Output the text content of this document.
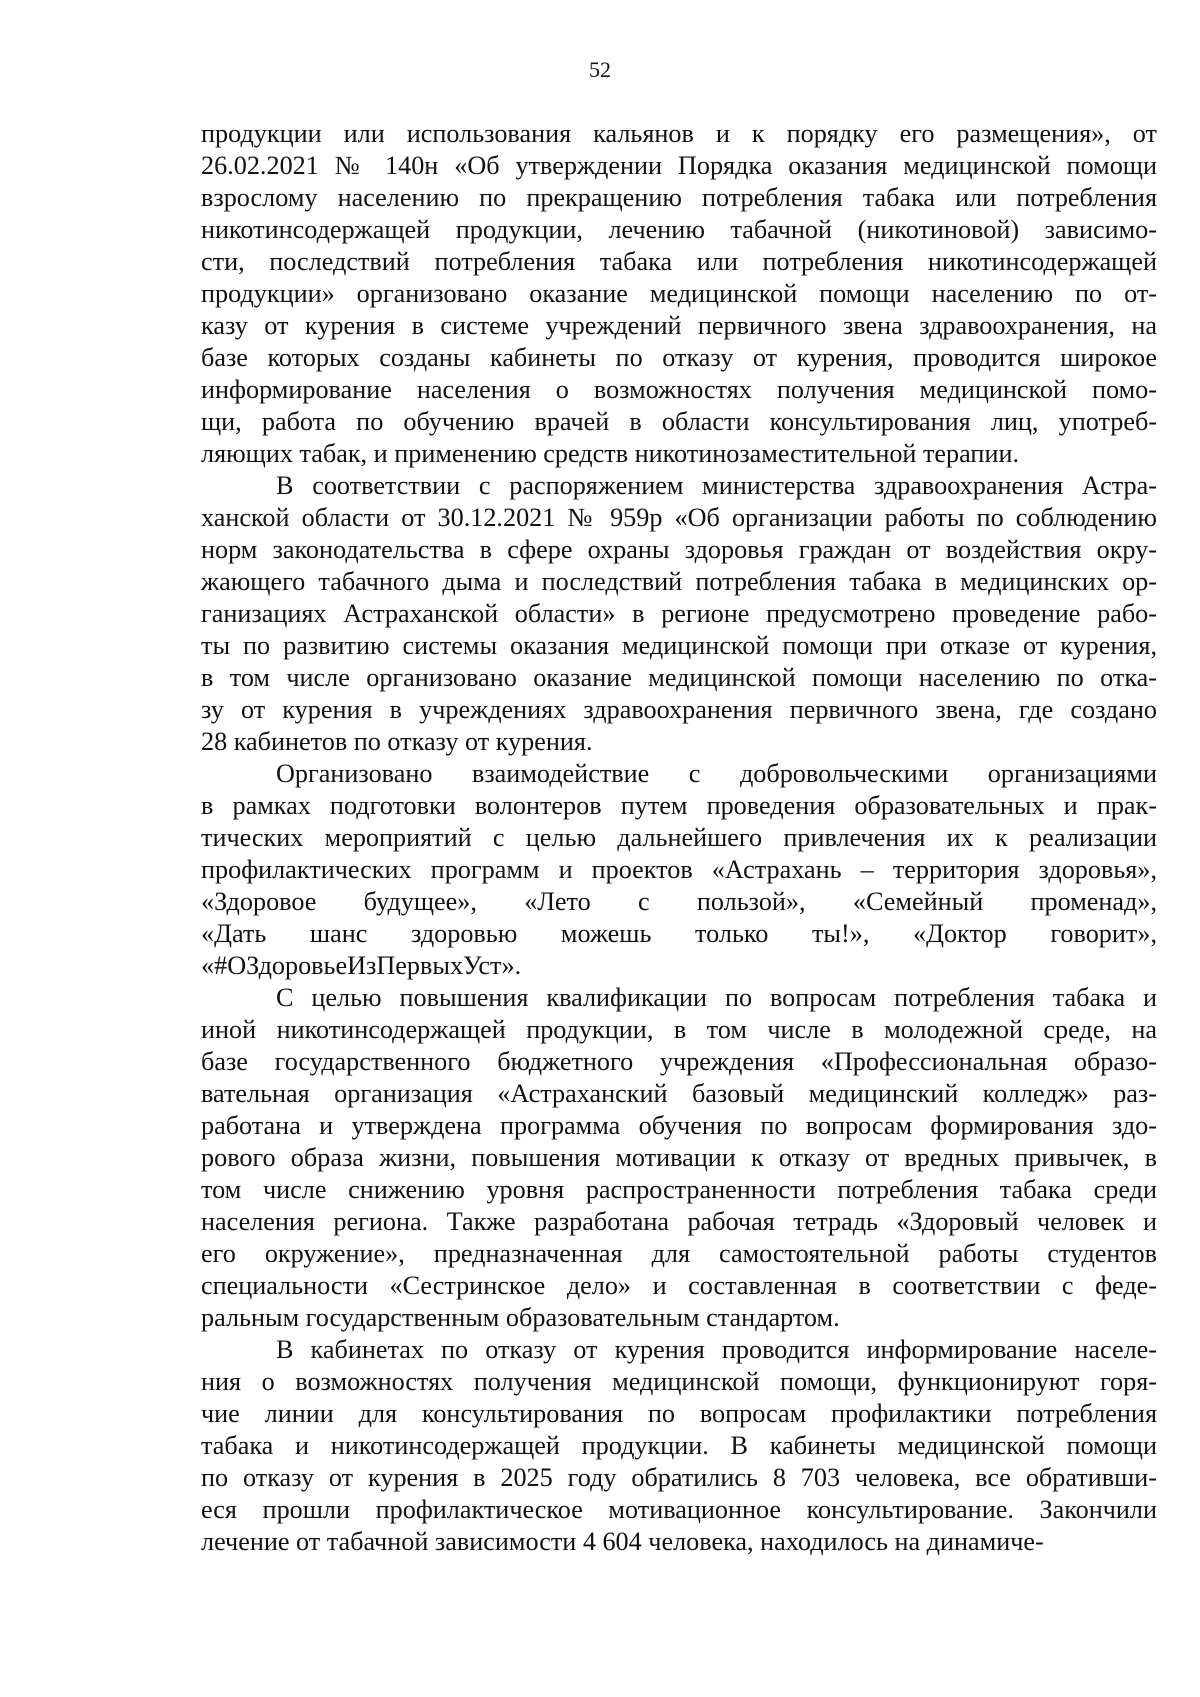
52
продукции или использования кальянов и к порядку его размещения», от
26.02.2021 № 140н «Об утверждении Порядка оказания медицинской помощи
взрослому населению по прекращению потребления табака или потребления
никотинсодержащей продукции, лечению табачной (никотиновой) зависимо-
сти, последствий потребления табака или потребления никотинсодержащей
продукции» организовано оказание медицинской помощи населению по от-
казу от курения в системе учреждений первичного звена здравоохранения, на
базе которых созданы кабинеты по отказу от курения, проводится широкое
информирование населения о возможностях получения медицинской помо-
щи, работа по обучению врачей в области консультирования лиц, употреб-
ляющих табак, и применению средств никотинозаместительной терапии.
В соответствии с распоряжением министерства здравоохранения Астра-
ханской области от 30.12.2021 № 959р «Об организации работы по соблюдению
норм законодательства в сфере охраны здоровья граждан от воздействия окру-
жающего табачного дыма и последствий потребления табака в медицинских ор-
ганизациях Астраханской области» в регионе предусмотрено проведение рабо-
ты по развитию системы оказания медицинской помощи при отказе от курения,
в том числе организовано оказание медицинской помощи населению по отка-
зу от курения в учреждениях здравоохранения первичного звена, где создано
28 кабинетов по отказу от курения.
Организовано взаимодействие с добровольческими организациями
в рамках подготовки волонтеров путем проведения образовательных и прак-
тических мероприятий с целью дальнейшего привлечения их к реализации
профилактических программ и проектов «Астрахань – территория здоровья»,
«Здоровое будущее», «Лето с пользой», «Семейный променад»,
«Дать шанс здоровью можешь только ты!», «Доктор говорит»,
«#ОЗдоровьеИзПервыхУст».
С целью повышения квалификации по вопросам потребления табака и
иной никотинсодержащей продукции, в том числе в молодежной среде, на
базе государственного бюджетного учреждения «Профессиональная образо-
вательная организация «Астраханский базовый медицинский колледж» раз-
работана и утверждена программа обучения по вопросам формирования здо-
рового образа жизни, повышения мотивации к отказу от вредных привычек, в
том числе снижению уровня распространенности потребления табака среди
населения региона. Также разработана рабочая тетрадь «Здоровый человек и
его окружение», предназначенная для самостоятельной работы студентов
специальности «Сестринское дело» и составленная в соответствии с феде-
ральным государственным образовательным стандартом.
В кабинетах по отказу от курения проводится информирование населе-
ния о возможностях получения медицинской помощи, функционируют горя-
чие линии для консультирования по вопросам профилактики потребления
табака и никотинсодержащей продукции. В кабинеты медицинской помощи
по отказу от курения в 2025 году обратились 8 703 человека, все обративши-
еся прошли профилактическое мотивационное консультирование. Закончили
лечение от табачной зависимости 4 604 человека, находилось на динамиче-
